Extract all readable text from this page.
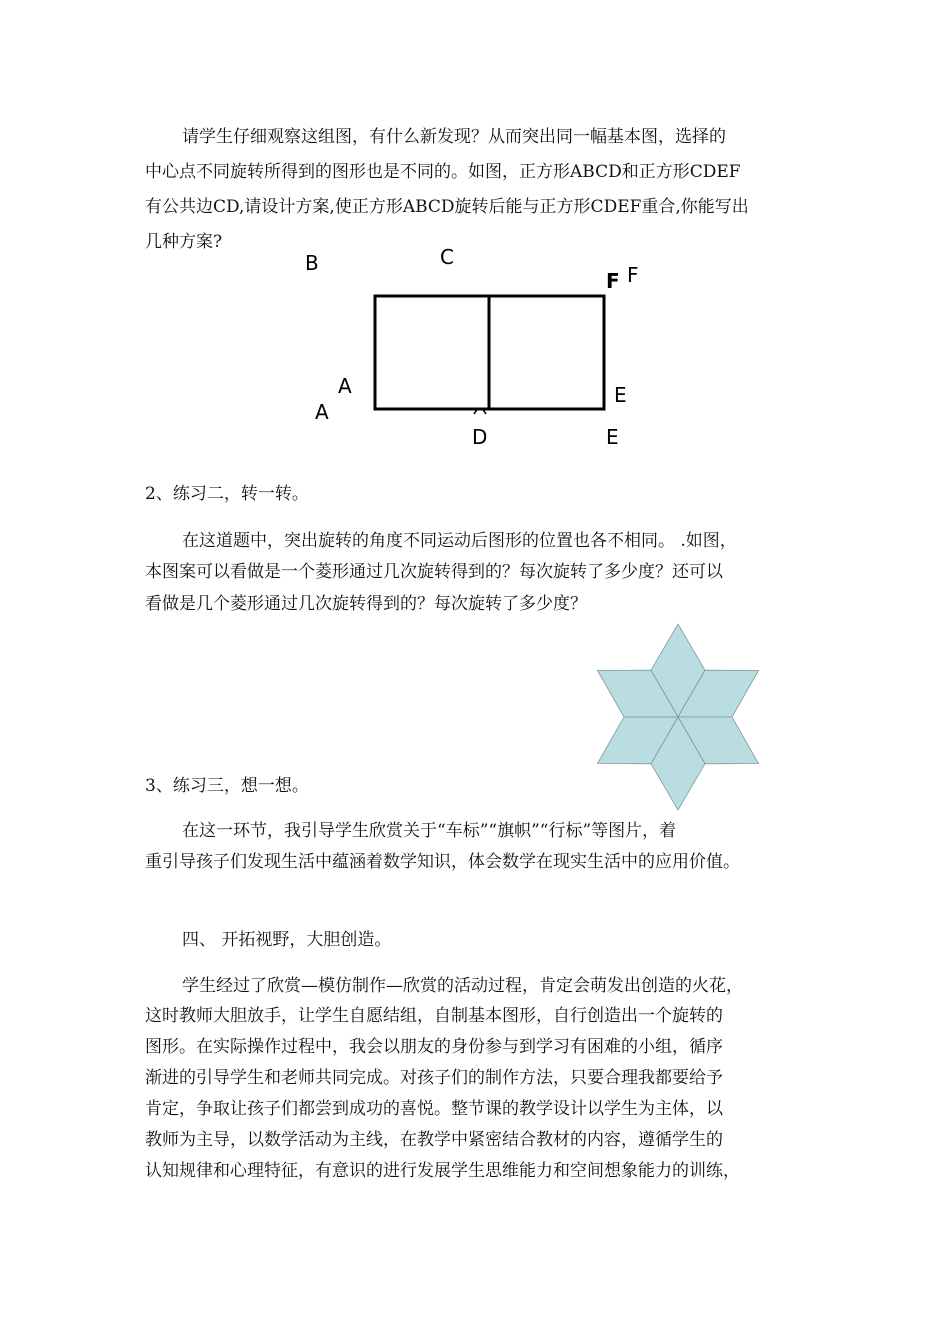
请学生仔细观察这组图，有什么新发现？从而突出同一幅基本图，选择的

中心点不同旋转所得到的图形也是不同的。如图，正方形ABCD和正方形CDEF

有公共边CD,请设计方案,使正方形ABCD旋转后能与正方形CDEF重合,你能写出

几种方案?

B	C
F F
A
A
E
E
D

2、练习二，转一转。

在这道题中，突出旋转的角度不同运动后图形的位置也各不相同。 .如图，

本图案可以看做是一个菱形通过几次旋转得到的？每次旋转了多少度？还可以

看做是几个菱形通过几次旋转得到的？每次旋转了多少度？

3、练习三，想一想。

在这一环节，我引导学生欣赏关于“车标”“旗帜”“行标”等图片，着

重引导孩子们发现生活中蕴涵着数学知识，体会数学在现实生活中的应用价值。

四、 开拓视野，大胆创造。

学生经过了欣赏—模仿制作—欣赏的活动过程，肯定会萌发出创造的火花，

这时教师大胆放手，让学生自愿结组，自制基本图形，自行创造出一个旋转的

图形。在实际操作过程中，我会以朋友的身份参与到学习有困难的小组，循序

渐进的引导学生和老师共同完成。对孩子们的制作方法，只要合理我都要给予

肯定，争取让孩子们都尝到成功的喜悦。整节课的教学设计以学生为主体，以

教师为主导，以数学活动为主线，在教学中紧密结合教材的内容，遵循学生的

认知规律和心理特征，有意识的进行发展学生思维能力和空间想象能力的训练，
